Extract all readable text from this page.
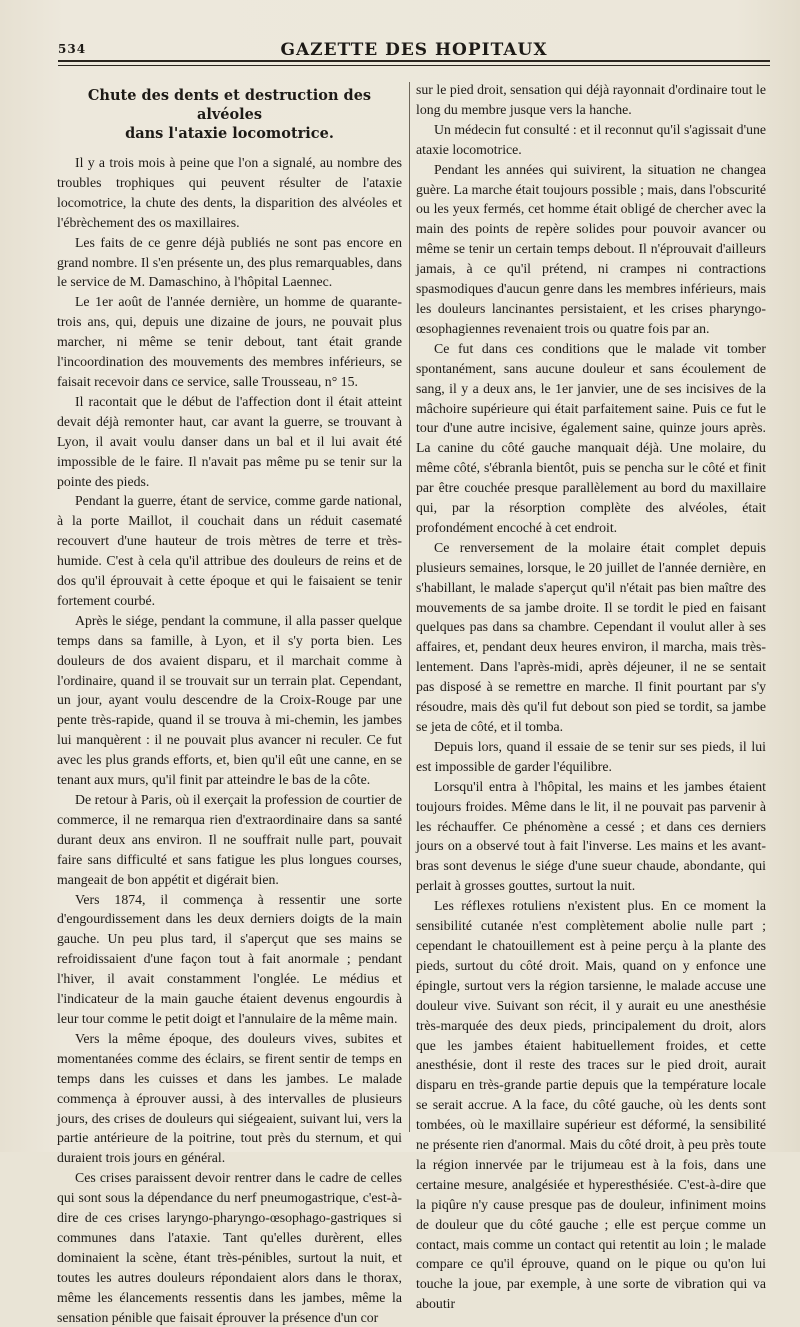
534	GAZETTE DES HOPITAUX
Chute des dents et destruction des alvéoles
dans l'ataxie locomotrice.

Il y a trois mois à peine que l'on a signalé, au nombre des troubles trophiques qui peuvent résulter de l'ataxie locomotrice, la chute des dents, la disparition des alvéoles et l'ébrèchement des os maxillaires.

Les faits de ce genre déjà publiés ne sont pas encore en grand nombre. Il s'en présente un, des plus remarquables, dans le service de M. Damaschino, à l'hôpital Laennec.

Le 1er août de l'année dernière, un homme de quarante-trois ans, qui, depuis une dizaine de jours, ne pouvait plus marcher, ni même se tenir debout, tant était grande l'incoordination des mouvements des membres inférieurs, se faisait recevoir dans ce service, salle Trousseau, n° 15.

Il racontait que le début de l'affection dont il était atteint devait déjà remonter haut, car avant la guerre, se trouvant à Lyon, il avait voulu danser dans un bal et il lui avait été impossible de le faire. Il n'avait pas même pu se tenir sur la pointe des pieds.

Pendant la guerre, étant de service, comme garde national, à la porte Maillot, il couchait dans un réduit casematé recouvert d'une hauteur de trois mètres de terre et très-humide. C'est à cela qu'il attribue des douleurs de reins et de dos qu'il éprouvait à cette époque et qui le faisaient se tenir fortement courbé.

Après le siége, pendant la commune, il alla passer quelque temps dans sa famille, à Lyon, et il s'y porta bien. Les douleurs de dos avaient disparu, et il marchait comme à l'ordinaire, quand il se trouvait sur un terrain plat. Cependant, un jour, ayant voulu descendre de la Croix-Rouge par une pente très-rapide, quand il se trouva à mi-chemin, les jambes lui manquèrent : il ne pouvait plus avancer ni reculer. Ce fut avec les plus grands efforts, et, bien qu'il eût une canne, en se tenant aux murs, qu'il finit par atteindre le bas de la côte.

De retour à Paris, où il exerçait la profession de courtier de commerce, il ne remarqua rien d'extraordinaire dans sa santé durant deux ans environ. Il ne souffrait nulle part, pouvait faire sans difficulté et sans fatigue les plus longues courses, mangeait de bon appétit et digérait bien.

Vers 1874, il commença à ressentir une sorte d'engourdissement dans les deux derniers doigts de la main gauche. Un peu plus tard, il s'aperçut que ses mains se refroidissaient d'une façon tout à fait anormale ; pendant l'hiver, il avait constamment l'onglée. Le médius et l'indicateur de la main gauche étaient devenus engourdis à leur tour comme le petit doigt et l'annulaire de la même main.

Vers la même époque, des douleurs vives, subites et momentanées comme des éclairs, se firent sentir de temps en temps dans les cuisses et dans les jambes. Le malade commença à éprouver aussi, à des intervalles de plusieurs jours, des crises de douleurs qui siégeaient, suivant lui, vers la partie antérieure de la poitrine, tout près du sternum, et qui duraient trois jours en général.

Ces crises paraissent devoir rentrer dans le cadre de celles qui sont sous la dépendance du nerf pneumogastrique, c'est-à-dire de ces crises laryngo-pharyngo-œsophago-gastriques si communes dans l'ataxie. Tant qu'elles durèrent, elles dominaient la scène, étant très-pénibles, surtout la nuit, et toutes les autres douleurs répondaient alors dans le thorax, même les élancements ressentis dans les jambes, même la sensation pénible que faisait éprouver la présence d'un cor

sur le pied droit, sensation qui déjà rayonnait d'ordinaire tout le long du membre jusque vers la hanche.

Un médecin fut consulté : et il reconnut qu'il s'agissait d'une ataxie locomotrice.

Pendant les années qui suivirent, la situation ne changea guère. La marche était toujours possible ; mais, dans l'obscurité ou les yeux fermés, cet homme était obligé de chercher avec la main des points de repère solides pour pouvoir avancer ou même se tenir un certain temps debout. Il n'éprouvait d'ailleurs jamais, à ce qu'il prétend, ni crampes ni contractions spasmodiques d'aucun genre dans les membres inférieurs, mais les douleurs lancinantes persistaient, et les crises pharyngo-œsophagiennes revenaient trois ou quatre fois par an.

Ce fut dans ces conditions que le malade vit tomber spontanément, sans aucune douleur et sans écoulement de sang, il y a deux ans, le 1er janvier, une de ses incisives de la mâchoire supérieure qui était parfaitement saine. Puis ce fut le tour d'une autre incisive, également saine, quinze jours après. La canine du côté gauche manquait déjà. Une molaire, du même côté, s'ébranla bientôt, puis se pencha sur le côté et finit par être couchée presque parallèlement au bord du maxillaire qui, par la résorption complète des alvéoles, était profondément encoché à cet endroit.

Ce renversement de la molaire était complet depuis plusieurs semaines, lorsque, le 20 juillet de l'année dernière, en s'habillant, le malade s'aperçut qu'il n'était pas bien maître des mouvements de sa jambe droite. Il se tordit le pied en faisant quelques pas dans sa chambre. Cependant il voulut aller à ses affaires, et, pendant deux heures environ, il marcha, mais très-lentement. Dans l'après-midi, après déjeuner, il ne se sentait pas disposé à se remettre en marche. Il finit pourtant par s'y résoudre, mais dès qu'il fut debout son pied se tordit, sa jambe se jeta de côté, et il tomba.

Depuis lors, quand il essaie de se tenir sur ses pieds, il lui est impossible de garder l'équilibre.

Lorsqu'il entra à l'hôpital, les mains et les jambes étaient toujours froides. Même dans le lit, il ne pouvait pas parvenir à les réchauffer. Ce phénomène a cessé ; et dans ces derniers jours on a observé tout à fait l'inverse. Les mains et les avant-bras sont devenus le siége d'une sueur chaude, abondante, qui perlait à grosses gouttes, surtout la nuit.

Les réflexes rotuliens n'existent plus. En ce moment la sensibilité cutanée n'est complètement abolie nulle part ; cependant le chatouillement est à peine perçu à la plante des pieds, surtout du côté droit. Mais, quand on y enfonce une épingle, surtout vers la région tarsienne, le malade accuse une douleur vive. Suivant son récit, il y aurait eu une anesthésie très-marquée des deux pieds, principalement du droit, alors que les jambes étaient habituellement froides, et cette anesthésie, dont il reste des traces sur le pied droit, aurait disparu en très-grande partie depuis que la température locale se serait accrue. A la face, du côté gauche, où les dents sont tombées, où le maxillaire supérieur est déformé, la sensibilité ne présente rien d'anormal. Mais du côté droit, à peu près toute la région innervée par le trijumeau est à la fois, dans une certaine mesure, analgésiée et hyperesthésiée. C'est-à-dire que la piqûre n'y cause presque pas de douleur, infiniment moins de douleur que du côté gauche ; elle est perçue comme un contact, mais comme un contact qui retentit au loin ; le malade compare ce qu'il éprouve, quand on le pique ou qu'on lui touche la joue, par exemple, à une sorte de vibration qui va aboutir
